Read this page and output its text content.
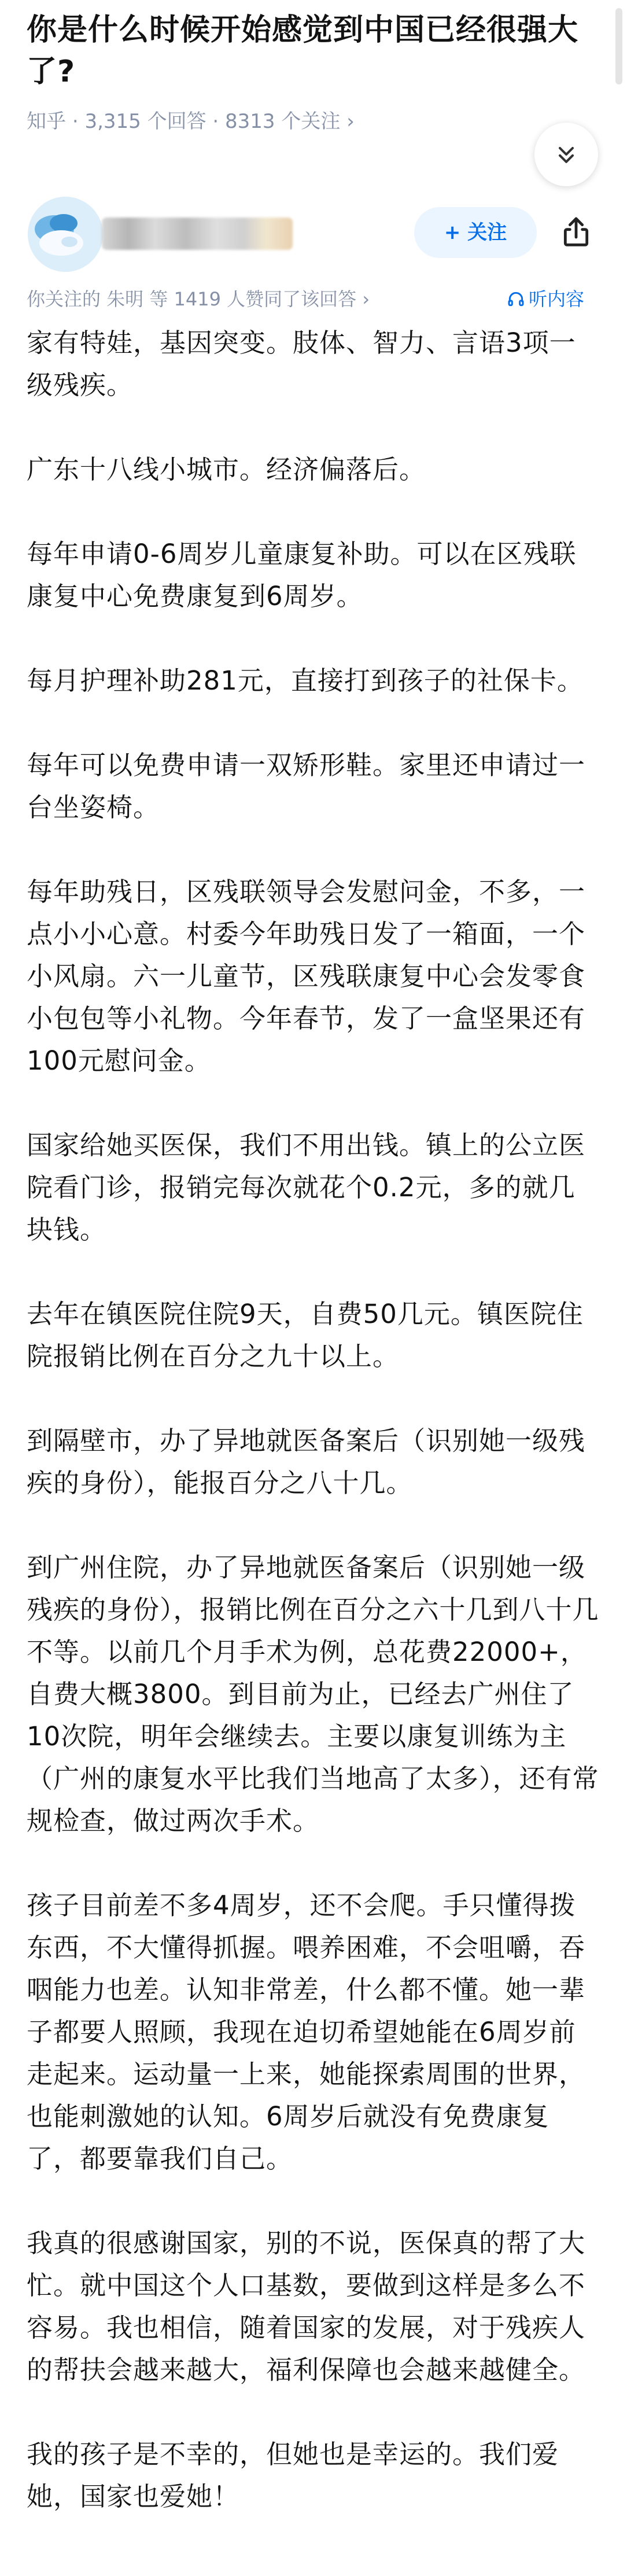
你是什么时候开始感觉到中国已经很强大了?
知乎 · 3,315 个回答 · 8313 个关注 ›
+ 关注
你关注的 朱明 等 1419 人赞同了该回答 ›	听内容

家有特娃，基因突变。肢体、智力、言语3项一级残疾。

广东十八线小城市。经济偏落后。

每年申请0-6周岁儿童康复补助。可以在区残联康复中心免费康复到6周岁。

每月护理补助281元，直接打到孩子的社保卡。

每年可以免费申请一双矫形鞋。家里还申请过一台坐姿椅。

每年助残日，区残联领导会发慰问金，不多，一点小小心意。村委今年助残日发了一箱面，一个小风扇。六一儿童节，区残联康复中心会发零食小包包等小礼物。今年春节，发了一盒坚果还有100元慰问金。

国家给她买医保，我们不用出钱。镇上的公立医院看门诊，报销完每次就花个0.2元，多的就几块钱。

去年在镇医院住院9天，自费50几元。镇医院住院报销比例在百分之九十以上。

到隔壁市，办了异地就医备案后（识别她一级残疾的身份），能报百分之八十几。

到广州住院，办了异地就医备案后（识别她一级残疾的身份），报销比例在百分之六十几到八十几不等。以前几个月手术为例，总花费22000+，自费大概3800。到目前为止，已经去广州住了10次院，明年会继续去。主要以康复训练为主（广州的康复水平比我们当地高了太多），还有常规检查，做过两次手术。

孩子目前差不多4周岁，还不会爬。手只懂得拨东西，不大懂得抓握。喂养困难，不会咀嚼，吞咽能力也差。认知非常差，什么都不懂。她一辈子都要人照顾，我现在迫切希望她能在6周岁前走起来。运动量一上来，她能探索周围的世界，也能刺激她的认知。6周岁后就没有免费康复了，都要靠我们自己。

我真的很感谢国家，别的不说，医保真的帮了大忙。就中国这个人口基数，要做到这样是多么不容易。我也相信，随着国家的发展，对于残疾人的帮扶会越来越大，福利保障也会越来越健全。

我的孩子是不幸的，但她也是幸运的。我们爱她，国家也爱她！
